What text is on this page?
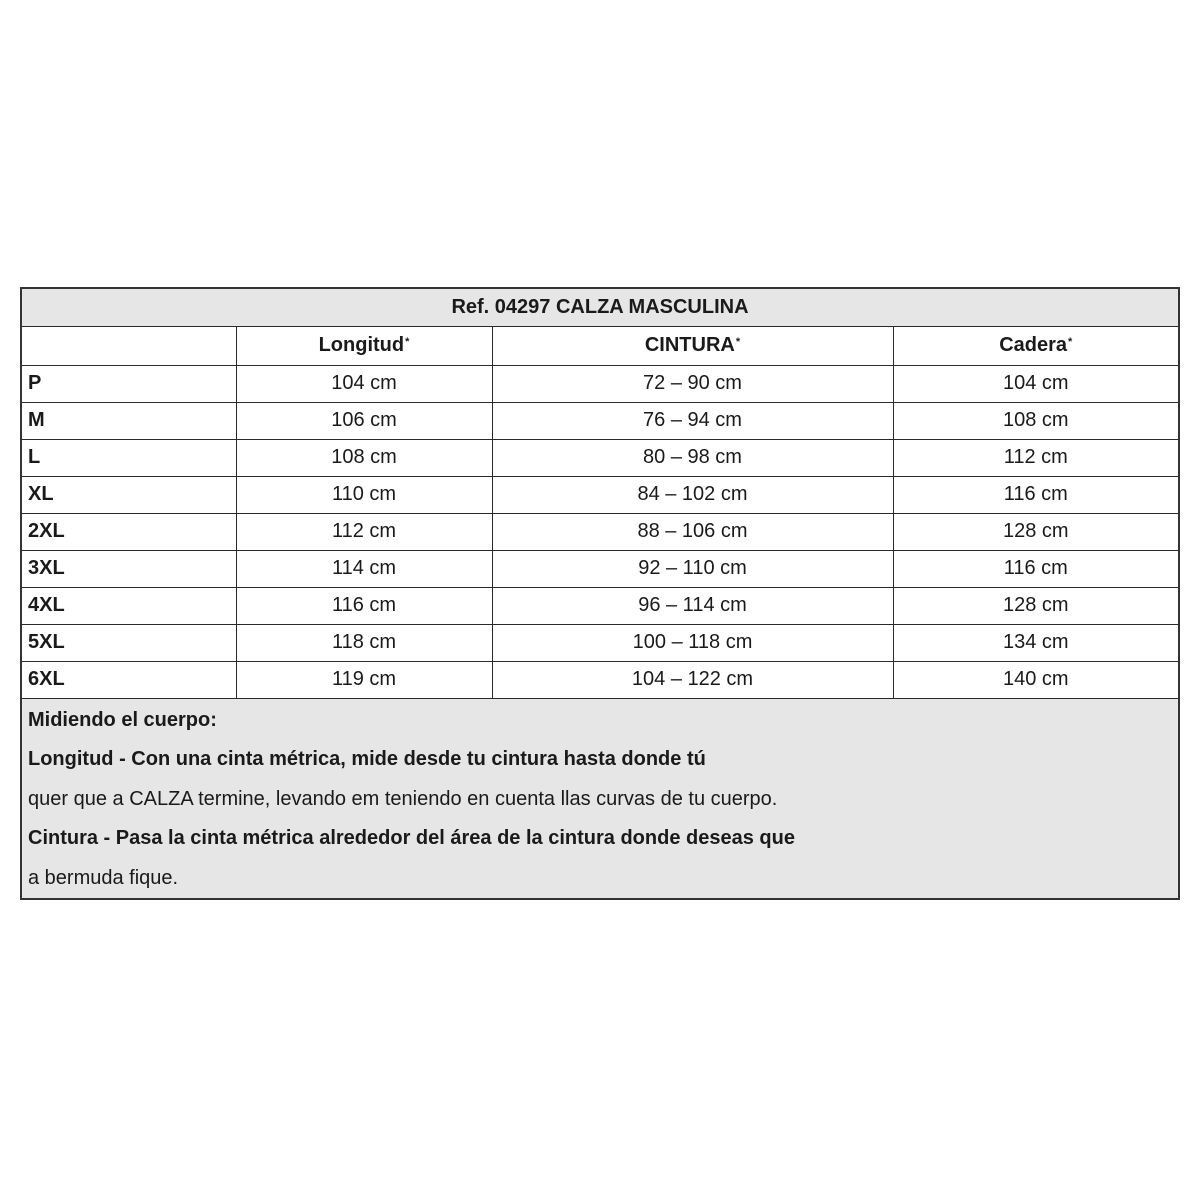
Ref. 04297 CALZA MASCULINA			
	Longitud*	CINTURA*	Cadera*
P	104 cm	72 – 90 cm	104 cm
M	106 cm	76 – 94 cm	108 cm
L	108 cm	80 – 98 cm	112 cm
XL	110 cm	84 – 102 cm	116 cm
2XL	112 cm	88 – 106 cm	128 cm
3XL	114 cm	92 – 110 cm	116 cm
4XL	116 cm	96 – 114 cm	128 cm
5XL	118 cm	100 – 118 cm	134 cm
6XL	119 cm	104 – 122 cm	140 cm
Midiendo el cuerpo:
Longitud - Con una cinta métrica, mide desde tu cintura hasta donde tú
quer que a CALZA termine, levando em teniendo en cuenta llas curvas de tu cuerpo.
Cintura - Pasa la cinta métrica alrededor del área de la cintura donde deseas que
a bermuda fique.
